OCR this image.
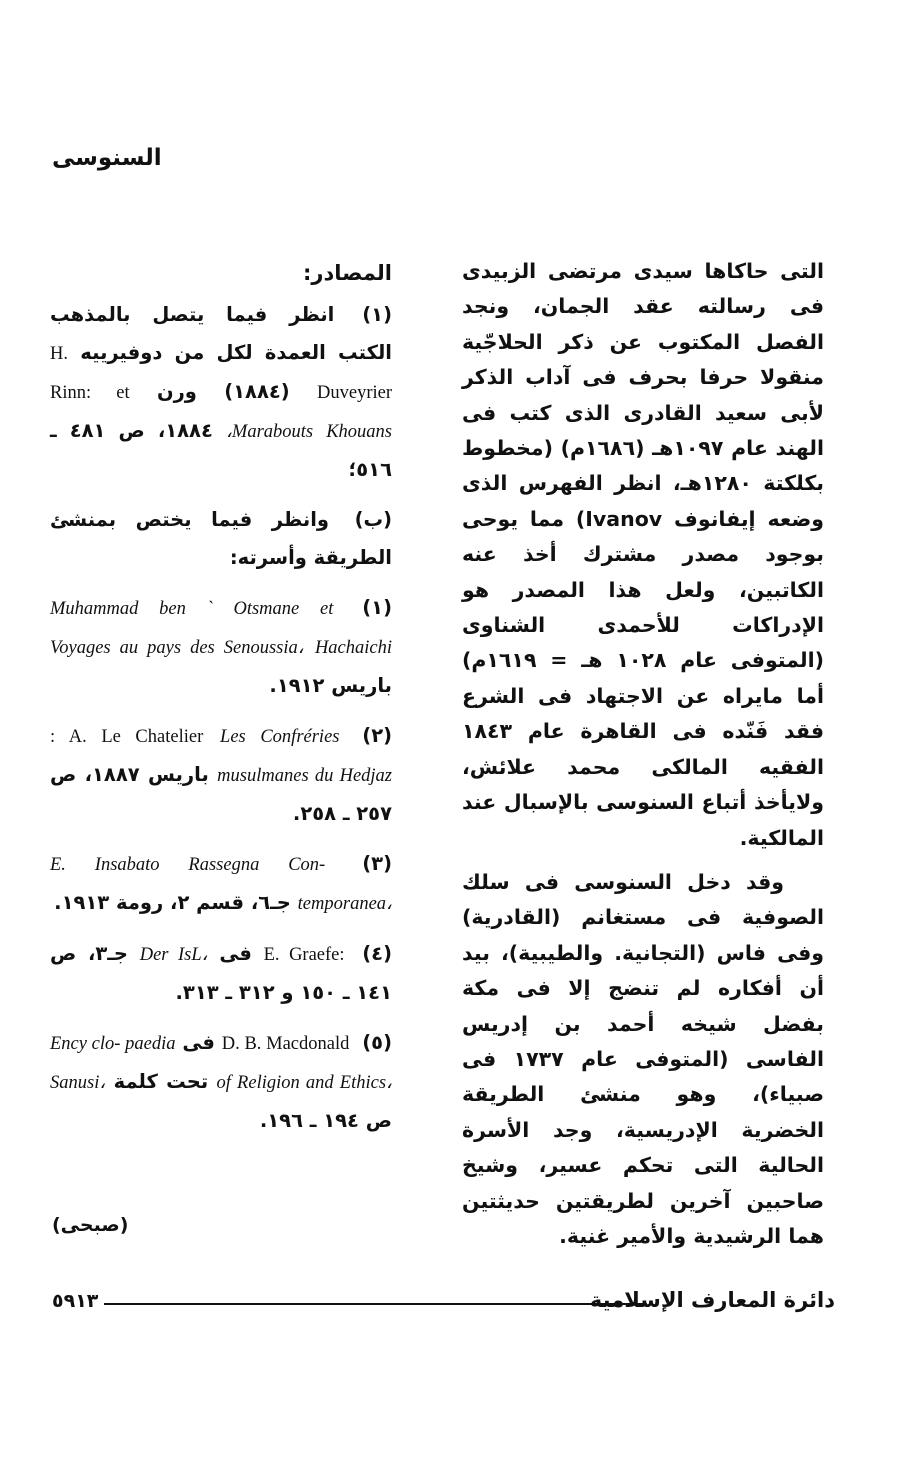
السنوسى

التى حاكاها سيدى مرتضى الزبيدى فى رسالته عقد الجمان، ونجد الفصل المكتوب عن ذكر الحلاجّية منقولا حرفا بحرف فى آداب الذكر لأبى سعيد القادرى الذى كتب فى الهند عام ١٠٩٧هـ (١٦٨٦م) (مخطوط بكلكتة ١٢٨٠هـ، انظر الفهرس الذى وضعه إيفانوف Ivanov) مما يوحى بوجود مصدر مشترك أخذ عنه الكاتبين، ولعل هذا المصدر هو الإدراكات للأحمدى الشناوى (المتوفى عام ١٠٢٨ هـ = ١٦١٩م) أما مايراه عن الاجتهاد فى الشرع فقد فَنّده فى القاهرة عام ١٨٤٣ الفقيه المالكى محمد علائش، ولايأخذ أتباع السنوسى بالإسبال عند المالكية.

وقد دخل السنوسى فى سلك الصوفية فى مستغانم (القادرية) وفى فاس (التجانية. والطيبية)، بيد أن أفكاره لم تنضج إلا فى مكة بفضل شيخه أحمد بن إدريس الفاسى (المتوفى عام ١٧٣٧ فى صبياء)، وهو منشئ الطريقة الخضرية الإدريسية، وجد الأسرة الحالية التى تحكم عسير، وشيخ صاحبين آخرين لطريقتين حديثتين هما الرشيدية والأمير غنية.

المصادر:
(١) انظر فيما يتصل بالمذهب الكتب العمدة لكل من دوفيرييه H. Duveyrier (١٨٨٤) ورن Rinn: et Marabouts Khouans، ١٨٨٤، ص ٤٨١ ـ ٥١٦؛
(ب) وانظر فيما يختص بمنشئ الطريقة وأسرته:
(١) Muhammad ben ` Otsmane et Hachaichi Voyages au pays des Senoussia، باريس ١٩١٢.
(٢) Les Confréries : A. Le Chatelier musulmanes du Hedjaz باريس ١٨٨٧، ص ٢٥٧ ـ ٢٥٨.
(٣) E. Insabato Rassegna Con- temporanea، جـ٦، قسم ٢، رومة ١٩١٣.
(٤) E. Graefe: فى Der IsL، جـ٣، ص ١٤١ ـ ١٥٠ و ٣١٢ ـ ٣١٣.
(٥) D. B. Macdonald فى Ency clo- paedia of Religion and Ethics، تحت كلمة Sanusi، ص ١٩٤ ـ ١٩٦.
(صبحى)
٥٩١٣	دائرة المعارف الإسلامية
